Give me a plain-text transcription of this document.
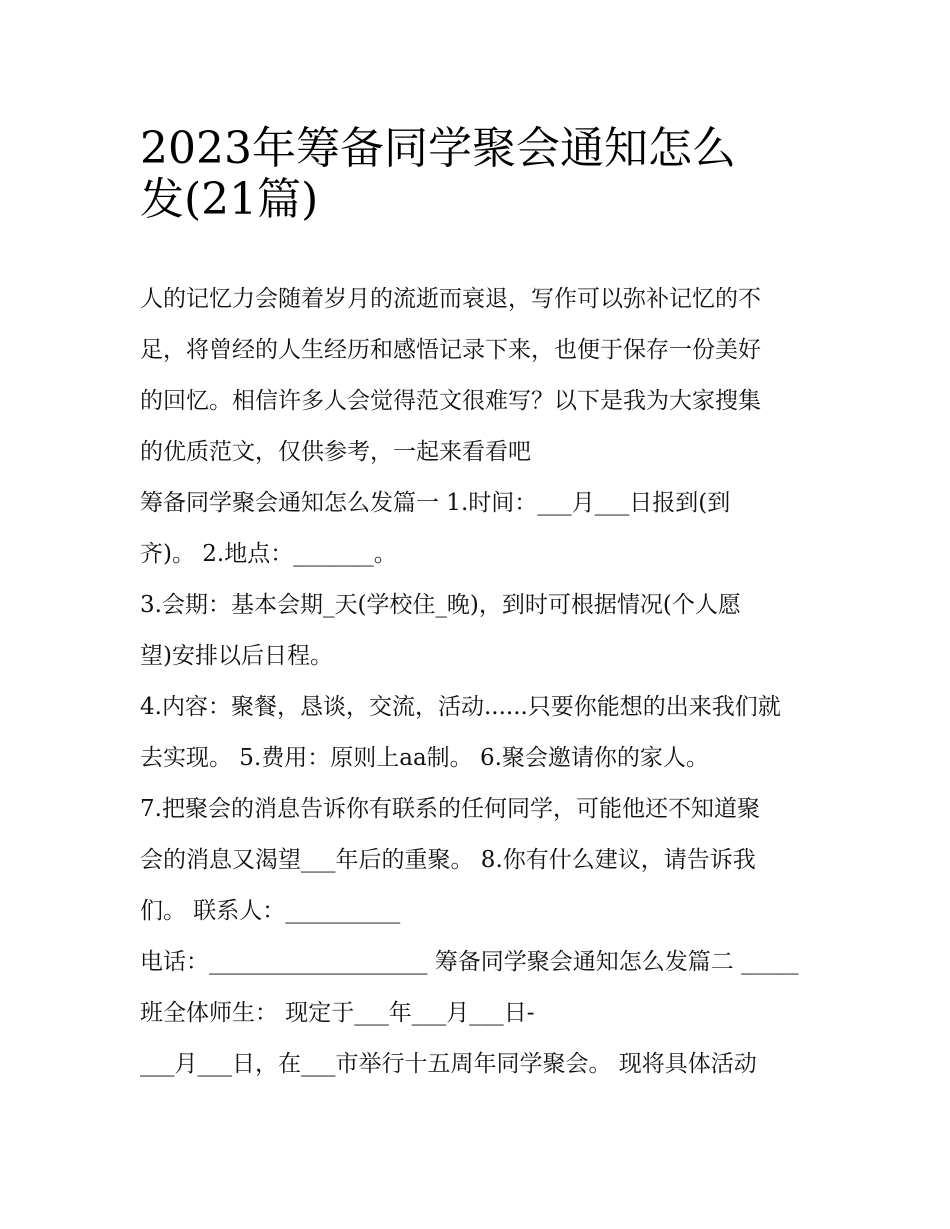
2023年筹备同学聚会通知怎么
发(21篇)
人的记忆力会随着岁月的流逝而衰退，写作可以弥补记忆的不
足，将曾经的人生经历和感悟记录下来，也便于保存一份美好
的回忆。相信许多人会觉得范文很难写？以下是我为大家搜集
的优质范文，仅供参考，一起来看看吧
筹备同学聚会通知怎么发篇一 1.时间：___月___日报到(到
齐)。 2.地点：_______。
3.会期：基本会期_天(学校住_晚)，到时可根据情况(个人愿
望)安排以后日程。
4.内容：聚餐，恳谈，交流，活动......只要你能想的出来我们就
去实现。 5.费用：原则上aa制。 6.聚会邀请你的家人。
7.把聚会的消息告诉你有联系的任何同学，可能他还不知道聚
会的消息又渴望___年后的重聚。 8.你有什么建议，请告诉我
们。 联系人：__________
电话：___________________ 筹备同学聚会通知怎么发篇二 _____
班全体师生： 现定于___年___月___日-
___月___日，在___市举行十五周年同学聚会。 现将具体活动
